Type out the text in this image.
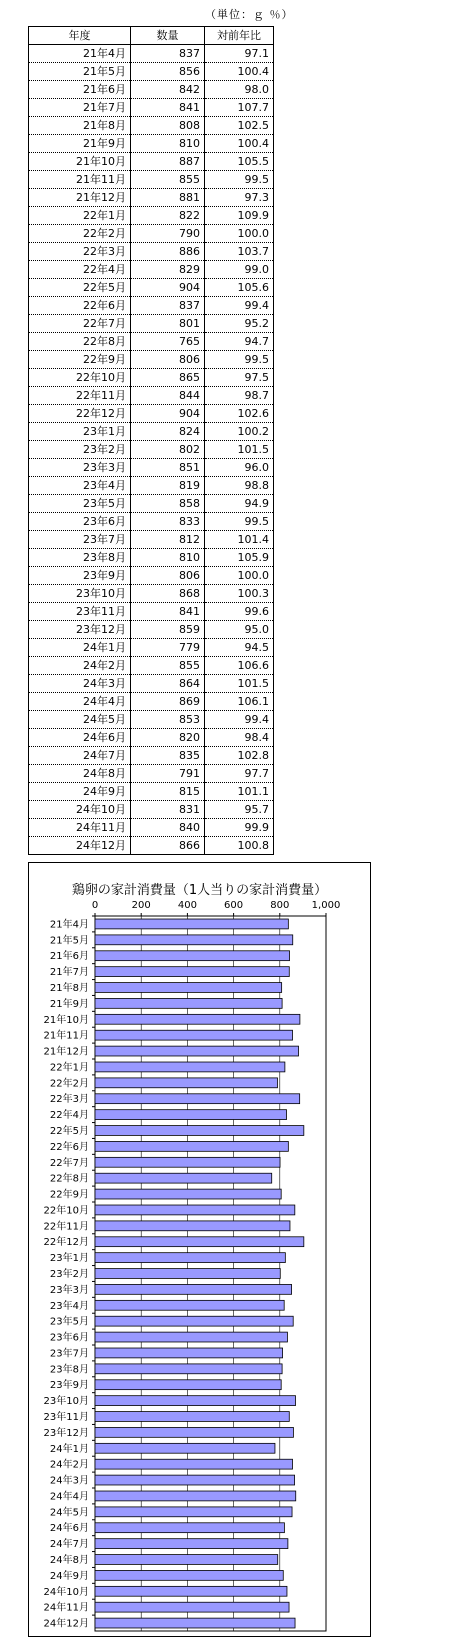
（単位：ｇ ％）
年度	数量	対前年比
21年4月	837	97.1
21年5月	856	100.4
21年6月	842	98.0
21年7月	841	107.7
21年8月	808	102.5
21年9月	810	100.4
21年10月	887	105.5
21年11月	855	99.5
21年12月	881	97.3
22年1月	822	109.9
22年2月	790	100.0
22年3月	886	103.7
22年4月	829	99.0
22年5月	904	105.6
22年6月	837	99.4
22年7月	801	95.2
22年8月	765	94.7
22年9月	806	99.5
22年10月	865	97.5
22年11月	844	98.7
22年12月	904	102.6
23年1月	824	100.2
23年2月	802	101.5
23年3月	851	96.0
23年4月	819	98.8
23年5月	858	94.9
23年6月	833	99.5
23年7月	812	101.4
23年8月	810	105.9
23年9月	806	100.0
23年10月	868	100.3
23年11月	841	99.6
23年12月	859	95.0
24年1月	779	94.5
24年2月	855	106.6
24年3月	864	101.5
24年4月	869	106.1
24年5月	853	99.4
24年6月	820	98.4
24年7月	835	102.8
24年8月	791	97.7
24年9月	815	101.1
24年10月	831	95.7
24年11月	840	99.9
24年12月	866	100.8
鶏卵の家計消費量（1人当りの家計消費量）
0	200	400	600	800 1,000
21年4月
21年5月
21年6月
21年7月
21年8月
21年9月
21年10月
21年11月
21年12月
22年1月
22年2月
22年3月
22年4月
22年5月
22年6月
22年7月
22年8月
22年9月
22年10月
22年11月
22年12月
23年1月
23年2月
23年3月
23年4月
23年5月
23年6月
23年7月
23年8月
23年9月
23年10月
23年11月
23年12月
24年1月
24年2月
24年3月
24年4月
24年5月
24年6月
24年7月
24年8月
24年9月
24年10月
24年11月
24年12月
